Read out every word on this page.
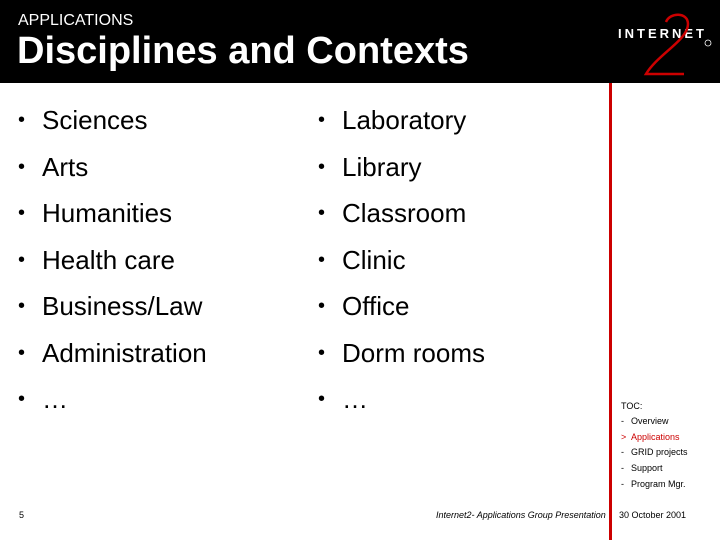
APPLICATIONS
Disciplines and Contexts	INTERNET
• Sciences
• Arts
• Humanities
• Health care
• Business/Law
• Administration
• …
• Laboratory
• Library
• Classroom
• Clinic
• Office
• Dorm rooms
• …	TOC:
- Overview
> Applications
- GRID projects
- Support
- Program Mgr.
5	Internet2- Applications Group Presentation 30 October 2001
